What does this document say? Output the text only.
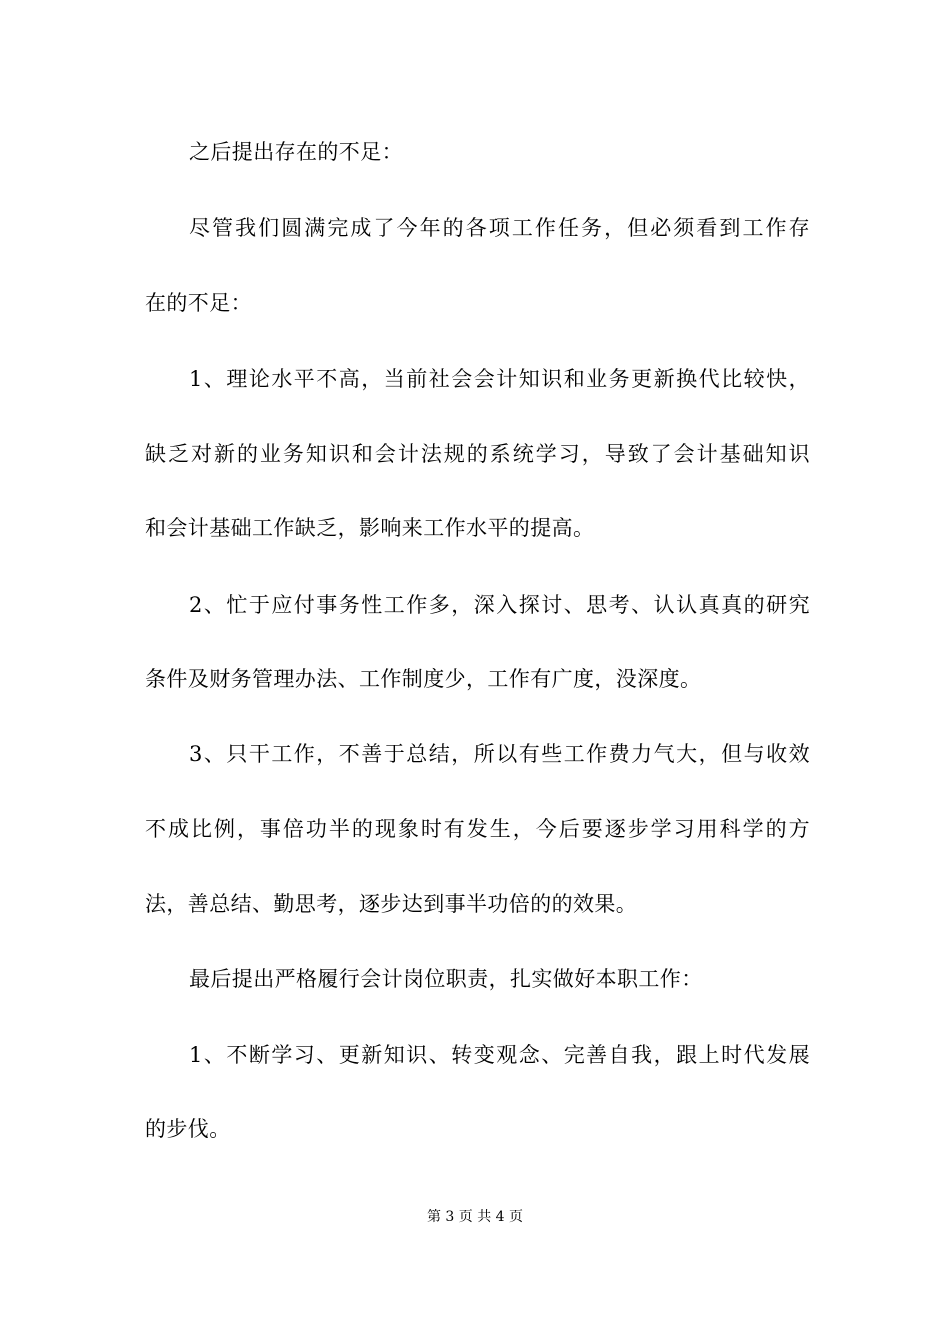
之后提出存在的不足：
尽管我们圆满完成了今年的各项工作任务，但必须看到工作存
在的不足：
1、理论水平不高，当前社会会计知识和业务更新换代比较快，
缺乏对新的业务知识和会计法规的系统学习，导致了会计基础知识
和会计基础工作缺乏，影响来工作水平的提高。
2、忙于应付事务性工作多，深入探讨、思考、认认真真的研究
条件及财务管理办法、工作制度少，工作有广度，没深度。
3、只干工作，不善于总结，所以有些工作费力气大，但与收效
不成比例，事倍功半的现象时有发生，今后要逐步学习用科学的方
法，善总结、勤思考，逐步达到事半功倍的的效果。
最后提出严格履行会计岗位职责，扎实做好本职工作：
1、不断学习、更新知识、转变观念、完善自我，跟上时代发展
的步伐。
第 3 页 共 4 页
